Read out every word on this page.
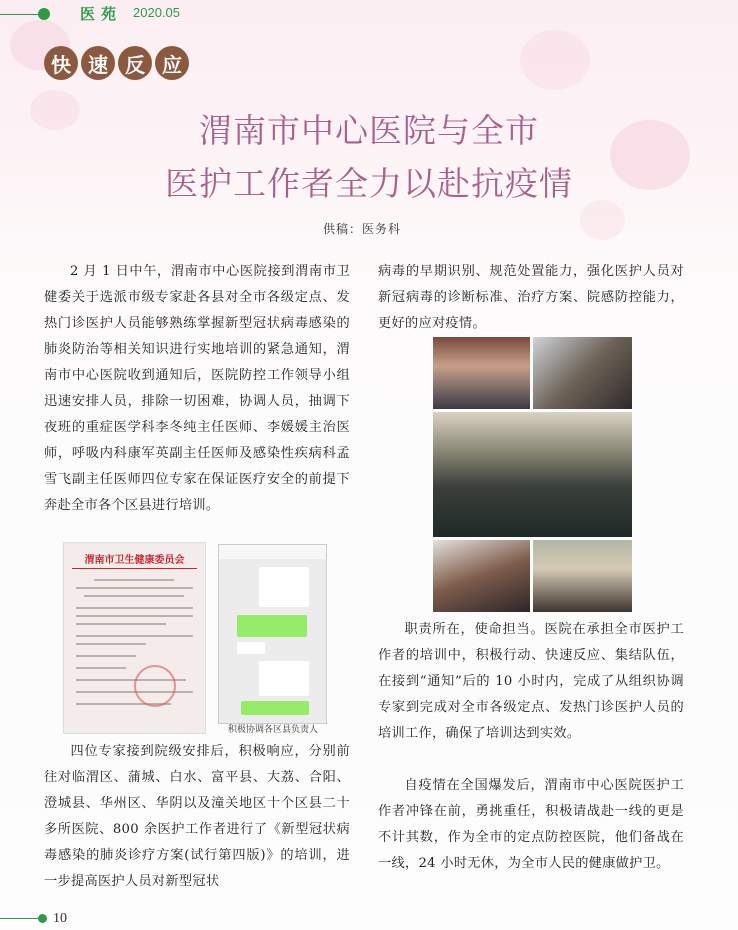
医苑 2020.05
快 速 反 应
渭南市中心医院与全市
医护工作者全力以赴抗疫情
供稿：医务科
2 月 1 日中午，渭南市中心医院接到渭南市卫健委关于选派市级专家赴各县对全市各级定点、发热门诊医护人员能够熟练掌握新型冠状病毒感染的肺炎防治等相关知识进行实地培训的紧急通知，渭南市中心医院收到通知后，医院防控工作领导小组迅速安排人员，排除一切困难，协调人员，抽调下夜班的重症医学科李冬纯主任医师、李媛媛主治医师，呼吸内科康军英副主任医师及感染性疾病科孟雪飞副主任医师四位专家在保证医疗安全的前提下奔赴全市各个区县进行培训。
病毒的早期识别、规范处置能力，强化医护人员对新冠病毒的诊断标准、治疗方案、院感防控能力，更好的应对疫情。
四位专家接到院级安排后，积极响应，分别前往对临渭区、蒲城、白水、富平县、大荔、合阳、澄城县、华州区、华阴以及潼关地区十个区县二十多所医院、800 余医护工作者进行了《新型冠状病毒感染的肺炎诊疗方案(试行第四版)》的培训，进一步提高医护人员对新型冠状
职责所在，使命担当。医院在承担全市医护工作者的培训中，积极行动、快速反应、集结队伍，在接到“通知”后的 10 小时内，完成了从组织协调专家到完成对全市各级定点、发热门诊医护人员的培训工作，确保了培训达到实效。
自疫情在全国爆发后，渭南市中心医院医护工作者冲锋在前，勇挑重任，积极请战赴一线的更是不计其数，作为全市的定点防控医院，他们备战在一线，24 小时无休，为全市人民的健康做护卫。
渭南市卫生健康委员会
积极协调各区县负责人
10
